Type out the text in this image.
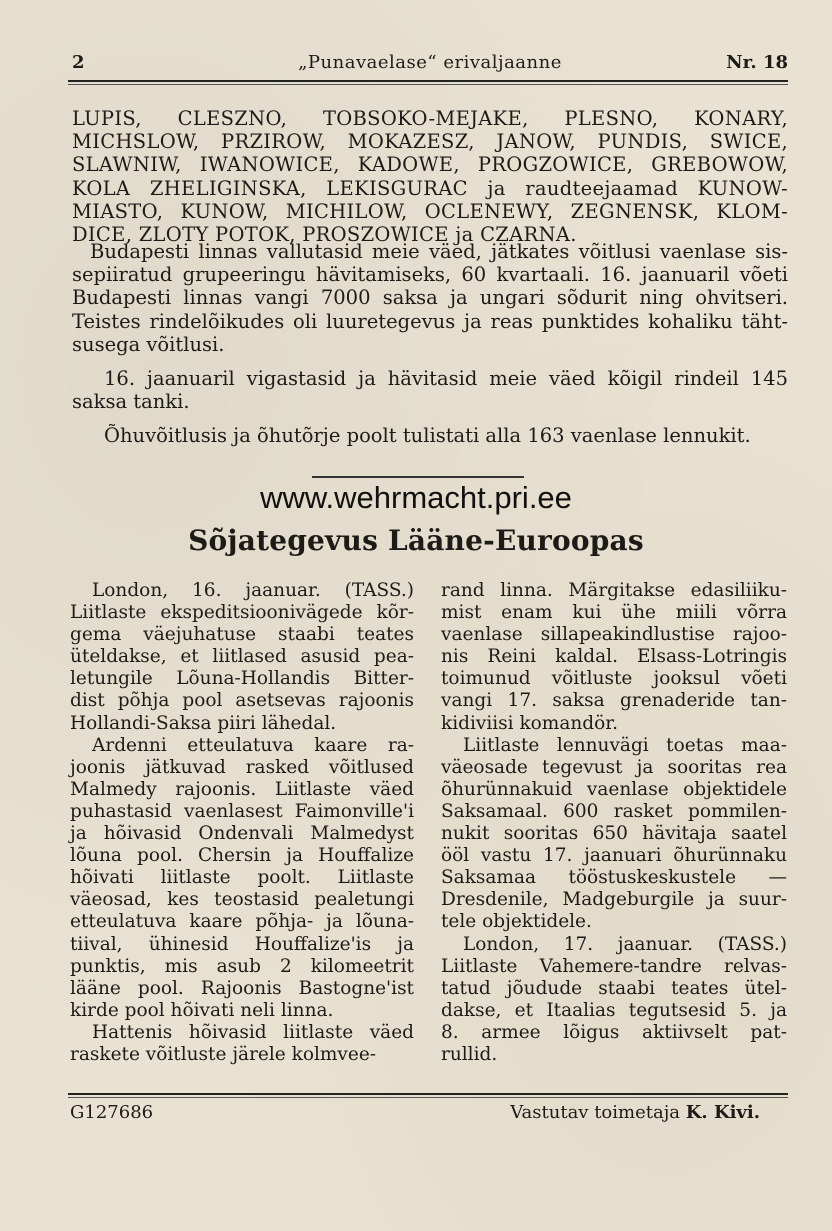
2	„Punavaelase“ erivaljaanne	Nr. 18
LUPIS, CLESZNO, TOBSOKO-MEJAKE, PLESNO, KONARY,
MICHSLOW, PRZIROW, MOKAZESZ, JANOW, PUNDIS, SWICE,
SLAWNIW, IWANOWICE, KADOWE, PROGZOWICE, GREBOWOW,
KOLA ZHELIGINSKA, LEKISGURAC ja raudteejaamad KUNOW-
MIASTO, KUNOW, MICHILOW, OCLENEWY, ZEGNENSK, KLOM-
DICE, ZLOTY POTOK, PROSZOWICE ja CZARNA.
Budapesti linnas vallutasid meie väed, jätkates võitlusi vaenlase sis-
sepiiratud grupeeringu hävitamiseks, 60 kvartaali. 16. jaanuaril võeti
Budapesti linnas vangi 7000 saksa ja ungari sõdurit ning ohvitseri.
Teistes rindelõikudes oli luuretegevus ja reas punktides kohaliku täht-
susega võitlusi.
16. jaanuaril vigastasid ja hävitasid meie väed kõigil rindeil 145
saksa tanki.
Õhuvõitlusis ja õhutõrje poolt tulistati alla 163 vaenlase lennukit.
www.wehrmacht.pri.ee
Sõjategevus Lääne-Euroopas
London, 16. jaanuar. (TASS.)
Liitlaste ekspeditsioonivägede kõr-
gema väejuhatuse staabi teates
üteldakse, et liitlased asusid pea-
letungile Lõuna-Hollandis Bitter-
dist põhja pool asetsevas rajoonis
Hollandi-Saksa piiri lähedal.
Ardenni etteulatuva kaare ra-
joonis jätkuvad rasked võitlused
Malmedy rajoonis. Liitlaste väed
puhastasid vaenlasest Faimonville'i
ja hõivasid Ondenvali Malmedyst
lõuna pool. Chersin ja Houffalize
hõivati liitlaste poolt. Liitlaste
väeosad, kes teostasid pealetungi
etteulatuva kaare põhja- ja lõuna-
tiival, ühinesid Houffalize'is ja
punktis, mis asub 2 kilomeetrit
lääne pool. Rajoonis Bastogne'ist
kirde pool hõivati neli linna.
Hattenis hõivasid liitlaste väed
raskete võitluste järele kolmvee-
rand linna. Märgitakse edasiliiku-
mist enam kui ühe miili võrra
vaenlase sillapeakindlustise rajoo-
nis Reini kaldal. Elsass-Lotringis
toimunud võitluste jooksul võeti
vangi 17. saksa grenaderide tan-
kidiviisi komandör.
Liitlaste lennuvägi toetas maa-
väeosade tegevust ja sooritas rea
õhurünnakuid vaenlase objektidele
Saksamaal. 600 rasket pommilen-
nukit sooritas 650 hävitaja saatel
ööl vastu 17. jaanuari õhurünnaku
Saksamaa tööstuskeskustele —
Dresdenile, Madgeburgile ja suur-
tele objektidele.
London, 17. jaanuar. (TASS.)
Liitlaste Vahemere-tandre relvas-
tatud jõudude staabi teates ütel-
dakse, et Itaalias tegutsesid 5. ja
8. armee lõigus aktiivselt pat-
rullid.
G127686	Vastutav toimetaja K. Kivi.
